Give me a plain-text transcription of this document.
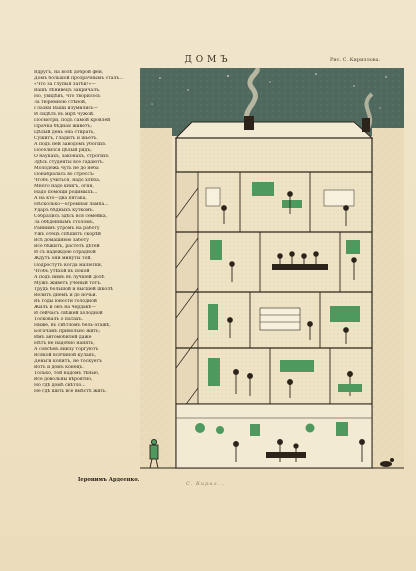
ДОМЪ	Рис. С. Кириллова.
Вдругъ, на волѣ доброй феи,
Домъ большой прозрачнымъ сталъ...
«Что за глупыя затѣи!»—
Вашъ лѣнивецъ закричалъ.
Но, увидѣвъ, что творилось
За тюремною стѣной,
Глазки Ваши изумились—
И сидѣлъ въ мірѣ чужой.
Посмотри, подъ самой кровлей
Прачка бѣдная живетъ;
Цѣлый день она стирать,
Сушитъ, гладитъ и шьетъ.
А подъ ней заводомъ убогихъ
Поселился цѣлый рядъ;
О наукахъ, законахъ, строгихъ
Здѣсь студенты все гадаютъ.
Молодежь чуть не до неба
Понабралась во стрессъ:
Чтобъ учиться, надо хлѣба,
Много надо книгъ, огня,
Надо помощи родимыхъ...
А на кто—два пятака,
Нѣсколько—огромная лампа...
Ударъ бѣдныхъ куткомъ.
Собрались здѣсь вся семейка,
За обѣденнымъ столомъ,
Раннимъ утромъ на работу
Ужъ отецъ спѣшитъ скорѣй
Всѣ домашнюю заботу
Все бѣжитъ, растетъ дѣтей
И съ надеждою отрадной
Ждутъ они минуты той,
Подростутъ когда малютки,
Чтобъ утѣхой въ покой
А подъ нимъ въ лучшей долѣ
Мужъ живетъ ученый тотъ.
Трудъ большой и высшей школѣ
Велитъ днемъ и до ночьи.
Въ годы юности голодной
Жилъ и онъ на чердакѣ—
И сейчасъ свѣжей холодной
Тосковалъ о патахъ.
Ниже, въ свѣтломъ бель-этажѣ,
Богачамъ привольно жить;
Имъ автомобилей даже
Нѣтъ не надобно нанять,
А совсѣмъ внизу торгуютъ
Всякой всячиной кулакъ,
Деньги копитъ, не тоскуетъ
Вотъ и домъ конецъ.
Только, той надомъ тѣнью,
Все довольны вѣроятно,
Но гдѣ домѣ свѣтло...
Не гдѣ шить все вмѣстѣ жить.
Іеронимъ Ардеенко.
С. Кирил...
